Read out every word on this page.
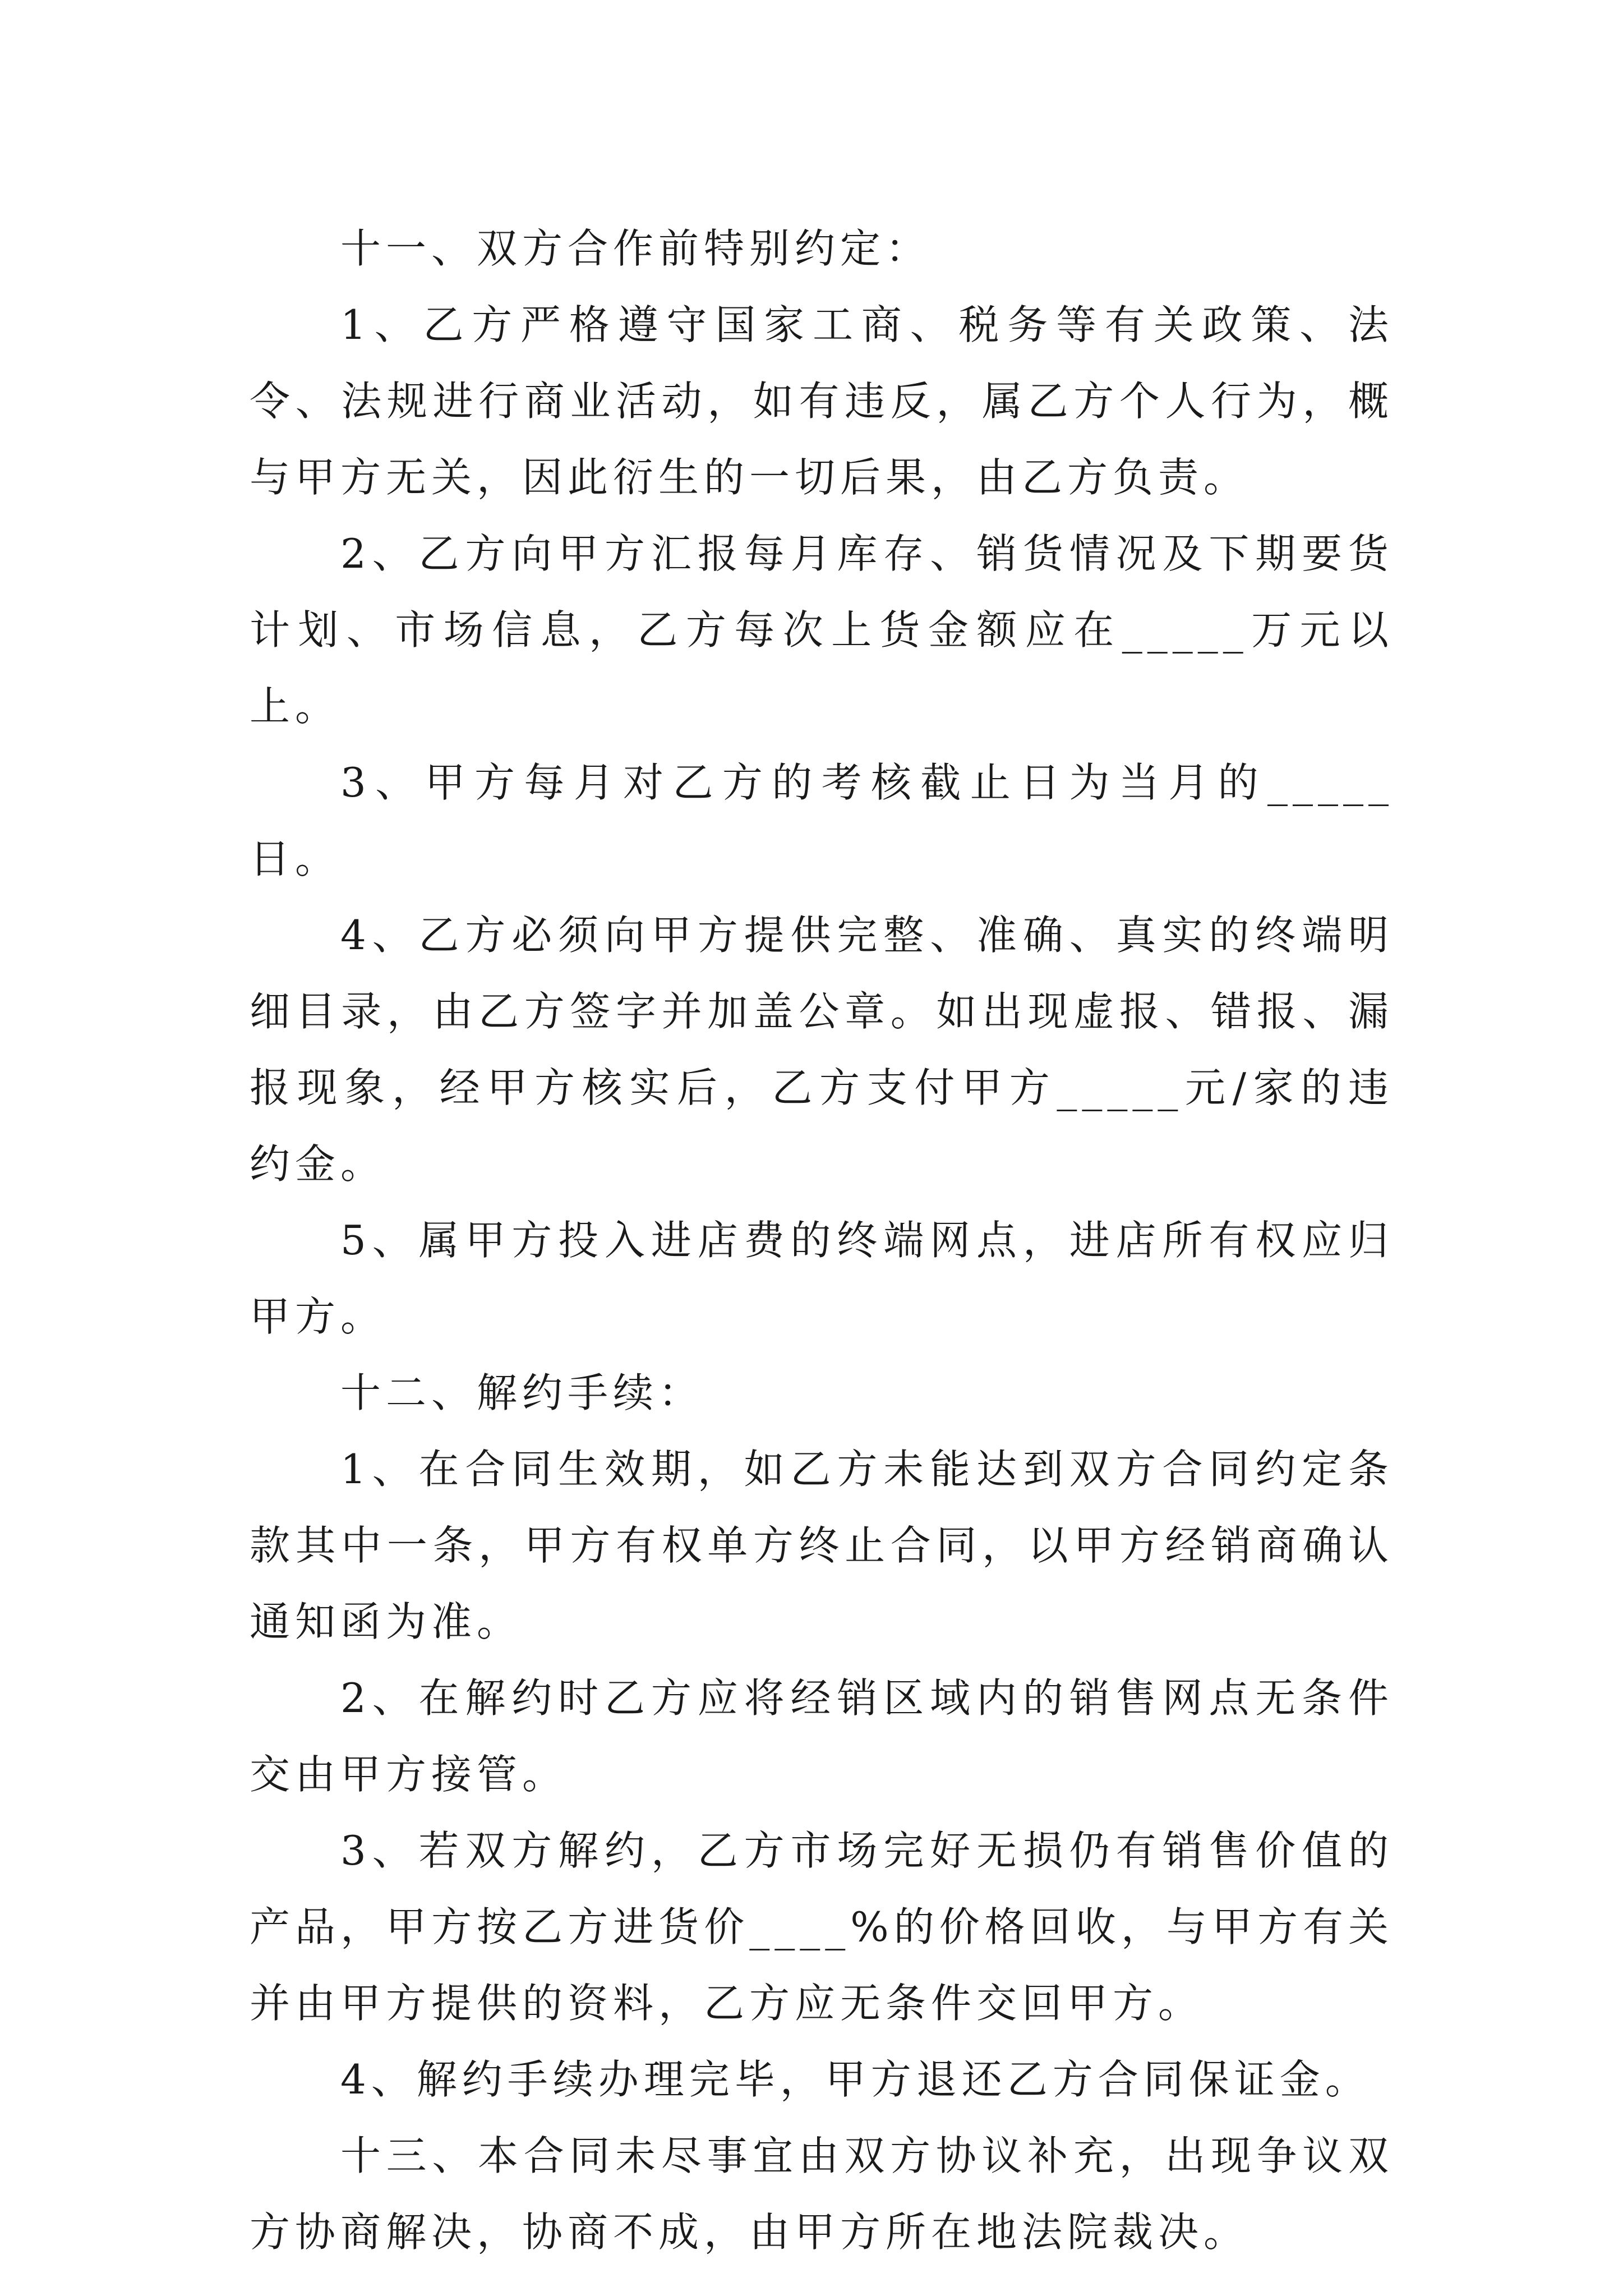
十一、双方合作前特别约定：

1、乙方严格遵守国家工商、税务等有关政策、法令、法规进行商业活动，如有违反，属乙方个人行为，概与甲方无关，因此衍生的一切后果，由乙方负责。

2、乙方向甲方汇报每月库存、销货情况及下期要货计划、市场信息，乙方每次上货金额应在_____万元以上。

3、甲方每月对乙方的考核截止日为当月的_____日。

4、乙方必须向甲方提供完整、准确、真实的终端明细目录，由乙方签字并加盖公章。如出现虚报、错报、漏报现象，经甲方核实后，乙方支付甲方_____元/家的违约金。

5、属甲方投入进店费的终端网点，进店所有权应归甲方。

十二、解约手续：

1、在合同生效期，如乙方未能达到双方合同约定条款其中一条，甲方有权单方终止合同，以甲方经销商确认通知函为准。

2、在解约时乙方应将经销区域内的销售网点无条件交由甲方接管。

3、若双方解约，乙方市场完好无损仍有销售价值的产品，甲方按乙方进货价____%的价格回收，与甲方有关并由甲方提供的资料，乙方应无条件交回甲方。

4、解约手续办理完毕，甲方退还乙方合同保证金。

十三、本合同未尽事宜由双方协议补充，出现争议双方协商解决，协商不成，由甲方所在地法院裁决。
